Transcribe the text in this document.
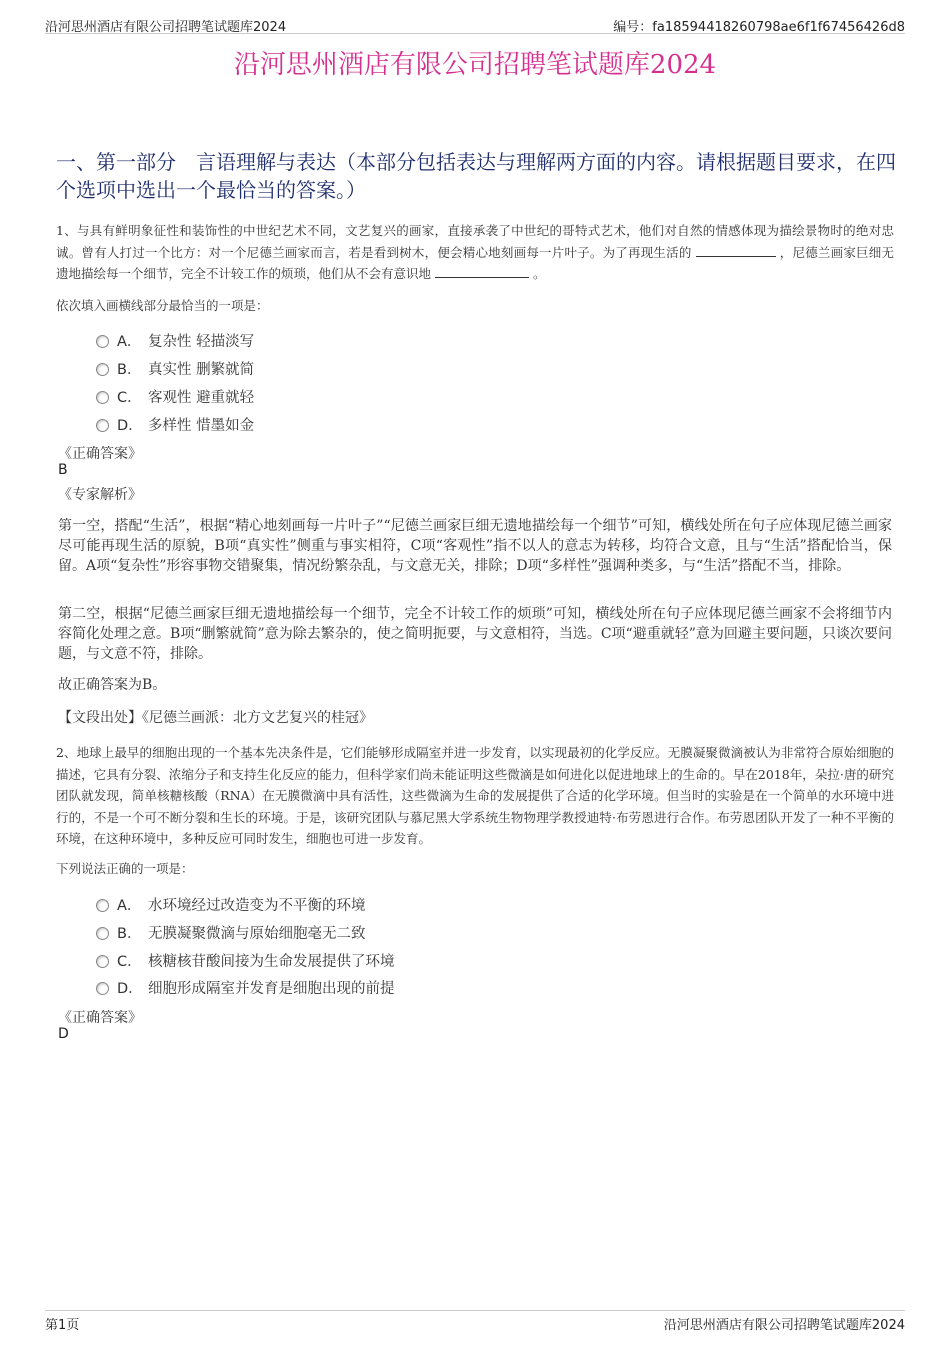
沿河思州酒店有限公司招聘笔试题库2024	编号：fa18594418260798ae6f1f67456426d8
沿河思州酒店有限公司招聘笔试题库2024
一、第一部分　言语理解与表达（本部分包括表达与理解两方面的内容。请根据题目要求，在四个选项中选出一个最恰当的答案。）
1、与具有鲜明象征性和装饰性的中世纪艺术不同，文艺复兴的画家，直接承袭了中世纪的哥特式艺术，他们对自然的情感体现为描绘景物时的绝对忠诚。曾有人打过一个比方：对一个尼德兰画家而言，若是看到树木，便会精心地刻画每一片叶子。为了再现生活的	，尼德兰画家巨细无遗地描绘每一个细节，完全不计较工作的烦琐，他们从不会有意识地	。
依次填入画横线部分最恰当的一项是：
A． 复杂性 轻描淡写
B． 真实性 删繁就简
C． 客观性 避重就轻
D． 多样性 惜墨如金
《正确答案》
B
《专家解析》
第一空，搭配“生活”，根据“精心地刻画每一片叶子”“尼德兰画家巨细无遗地描绘每一个细节”可知，横线处所在句子应体现尼德兰画家尽可能再现生活的原貌，B项“真实性”侧重与事实相符，C项“客观性”指不以人的意志为转移，均符合文意，且与“生活”搭配恰当，保留。A项“复杂性”形容事物交错聚集，情况纷繁杂乱，与文意无关，排除；D项“多样性”强调种类多，与“生活”搭配不当，排除。
第二空，根据“尼德兰画家巨细无遗地描绘每一个细节，完全不计较工作的烦琐”可知，横线处所在句子应体现尼德兰画家不会将细节内容简化处理之意。B项“删繁就简”意为除去繁杂的，使之简明扼要，与文意相符，当选。C项“避重就轻”意为回避主要问题，只谈次要问题，与文意不符，排除。
故正确答案为B。
【文段出处】《尼德兰画派：北方文艺复兴的桂冠》
2、地球上最早的细胞出现的一个基本先决条件是，它们能够形成隔室并进一步发育，以实现最初的化学反应。无膜凝聚微滴被认为非常符合原始细胞的描述，它具有分裂、浓缩分子和支持生化反应的能力，但科学家们尚未能证明这些微滴是如何进化以促进地球上的生命的。早在2018年，朵拉·唐的研究团队就发现，简单核糖核酸（RNA）在无膜微滴中具有活性，这些微滴为生命的发展提供了合适的化学环境。但当时的实验是在一个简单的水环境中进行的，不是一个可不断分裂和生长的环境。于是，该研究团队与慕尼黑大学系统生物物理学教授迪特·布劳恩进行合作。布劳恩团队开发了一种不平衡的环境，在这种环境中，多种反应可同时发生，细胞也可进一步发育。
下列说法正确的一项是：
A． 水环境经过改造变为不平衡的环境
B． 无膜凝聚微滴与原始细胞毫无二致
C． 核糖核苷酸间接为生命发展提供了环境
D． 细胞形成隔室并发育是细胞出现的前提
《正确答案》
D
第1页	沿河思州酒店有限公司招聘笔试题库2024
